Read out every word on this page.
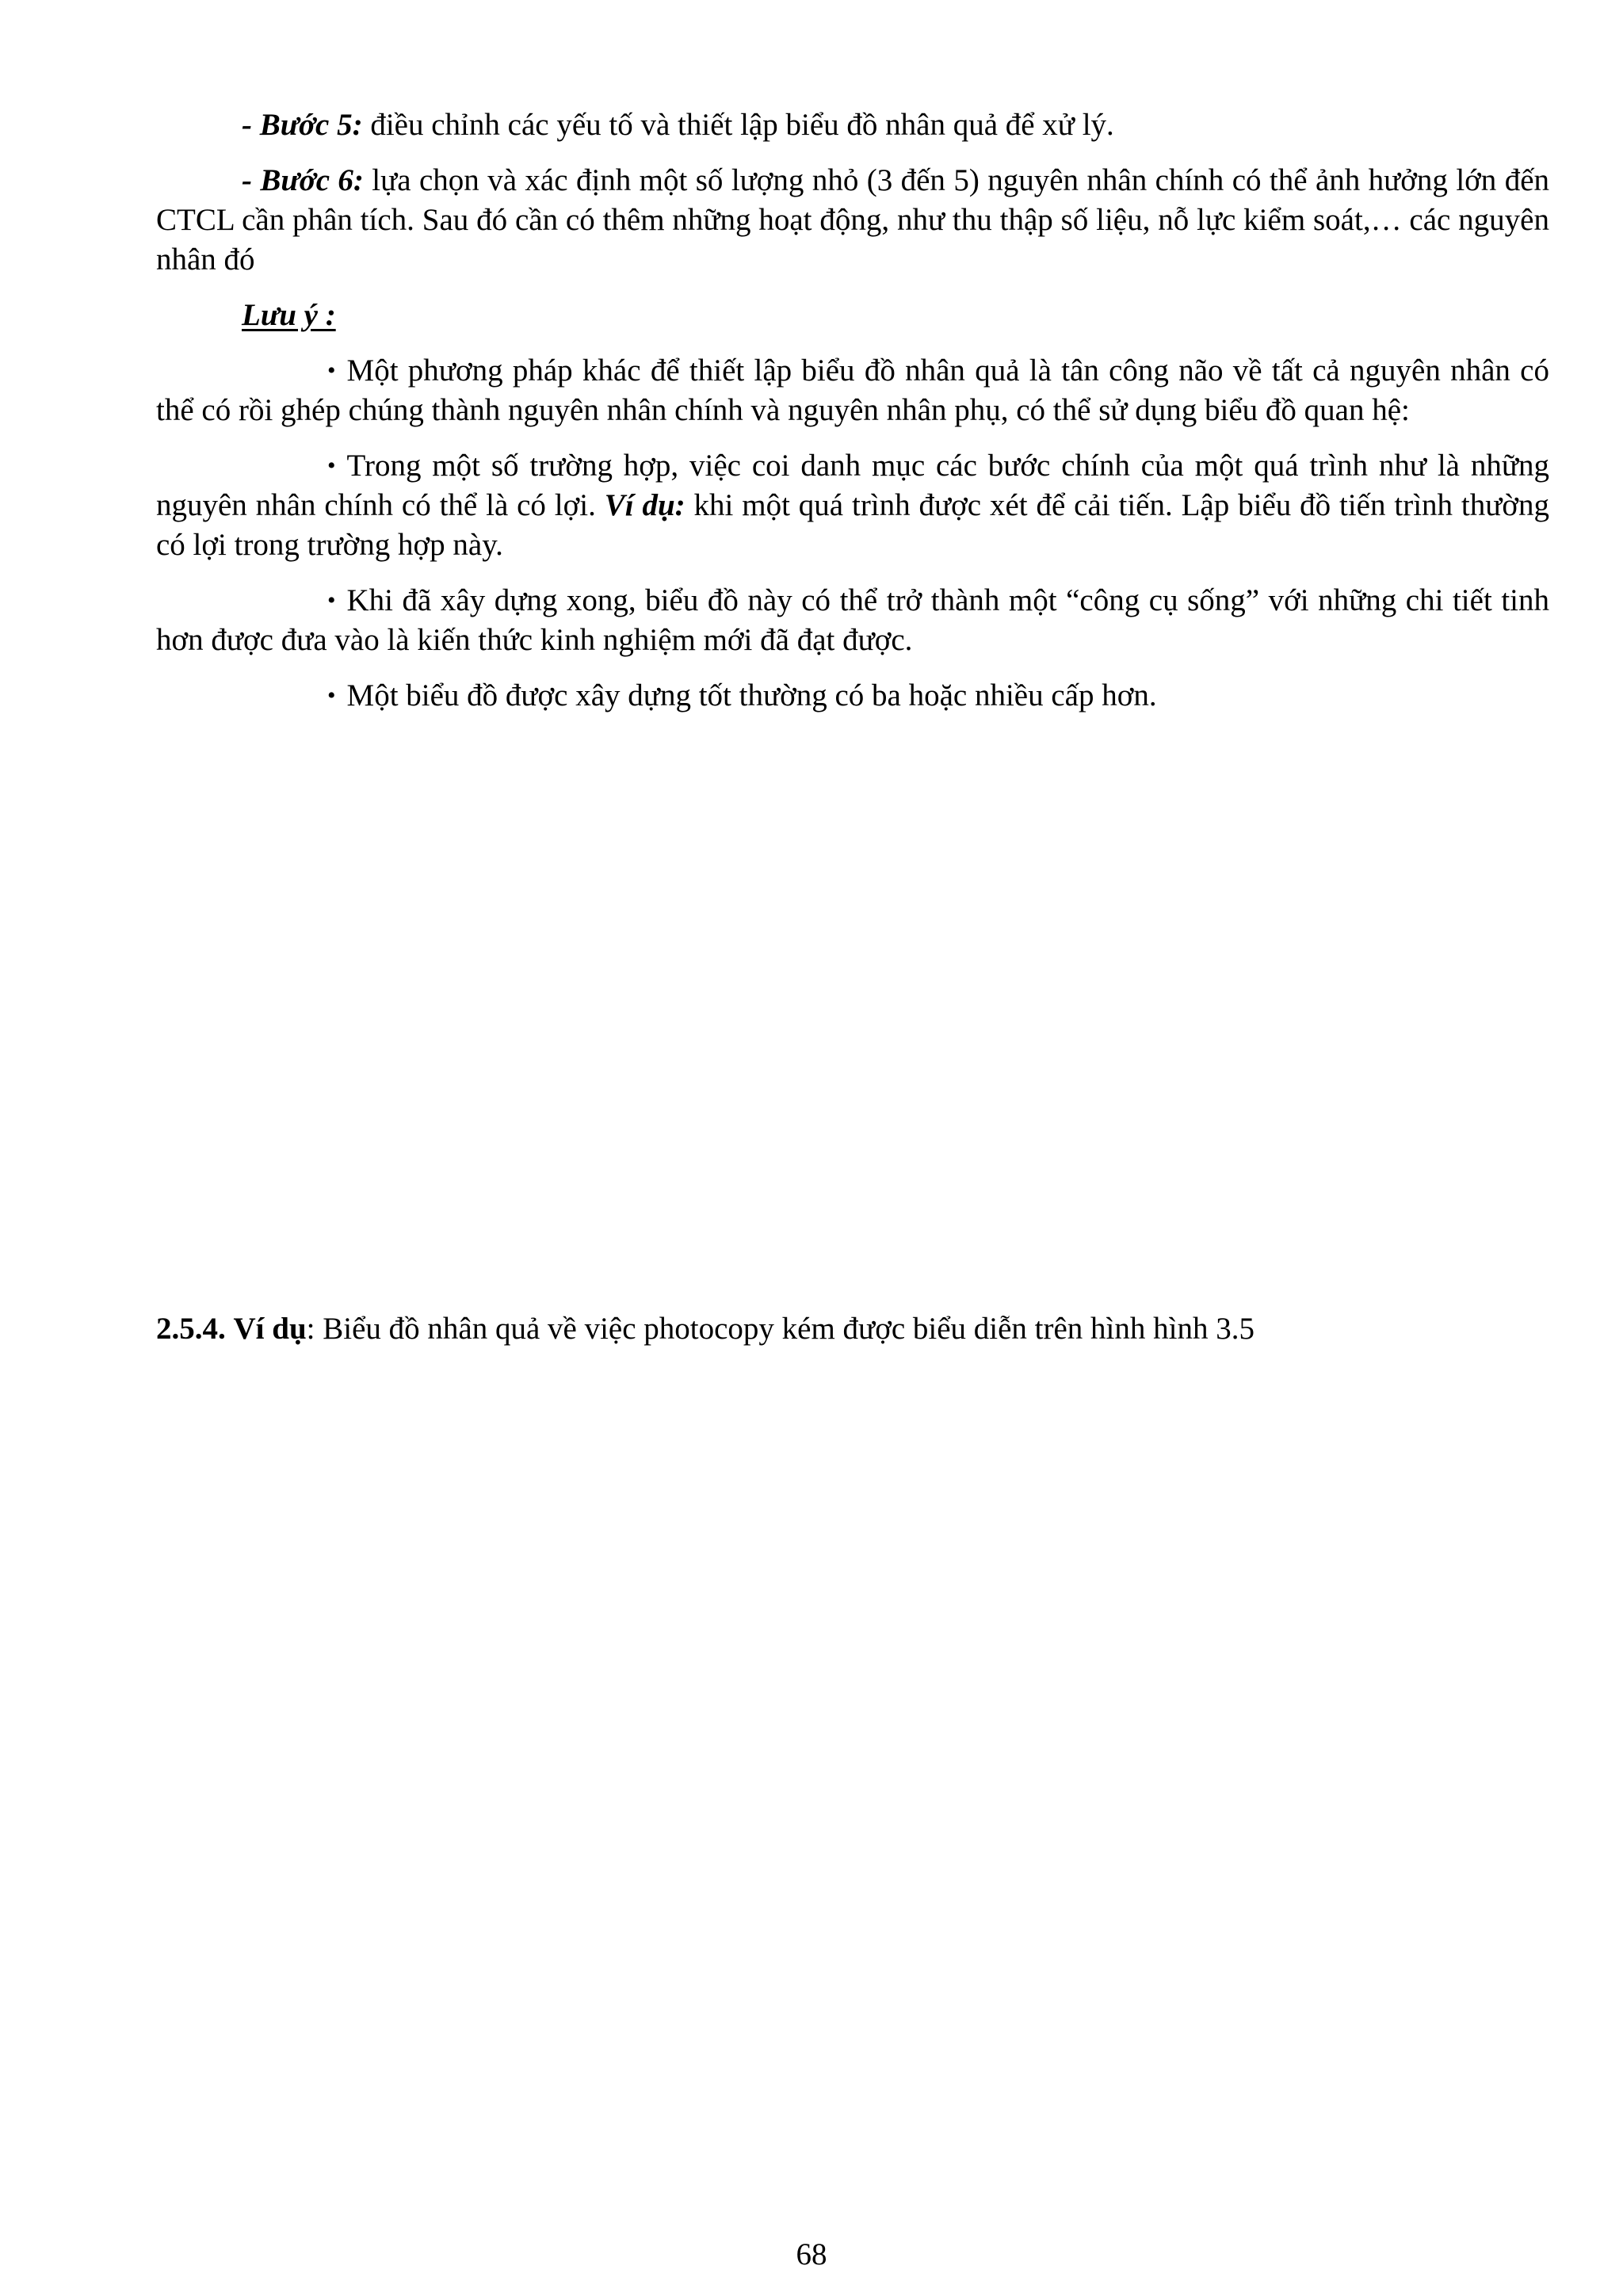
- Bước 5: điều chỉnh các yếu tố và thiết lập biểu đồ nhân quả để xử lý.

- Bước 6: lựa chọn và xác định một số lượng nhỏ (3 đến 5) nguyên nhân chính có thể ảnh hưởng lớn đến CTCL cần phân tích. Sau đó cần có thêm những hoạt động, như thu thập số liệu, nỗ lực kiểm soát,… các nguyên nhân đó

Lưu ý :

• Một phương pháp khác để thiết lập biểu đồ nhân quả là tân công não về tất cả nguyên nhân có thể có rồi ghép chúng thành nguyên nhân chính và nguyên nhân phụ, có thể sử dụng biểu đồ quan hệ:

• Trong một số trường hợp, việc coi danh mục các bước chính của một quá trình như là những nguyên nhân chính có thể là có lợi. Ví dụ: khi một quá trình được xét để cải tiến. Lập biểu đồ tiến trình thường có lợi trong trường hợp này.

• Khi đã xây dựng xong, biểu đồ này có thể trở thành một “công cụ sống” với những chi tiết tinh hơn được đưa vào là kiến thức kinh nghiệm mới đã đạt được.

• Một biểu đồ được xây dựng tốt thường có ba hoặc nhiều cấp hơn.

2.5.4. Ví dụ: Biểu đồ nhân quả về việc photocopy kém được biểu diễn trên hình hình 3.5
68
